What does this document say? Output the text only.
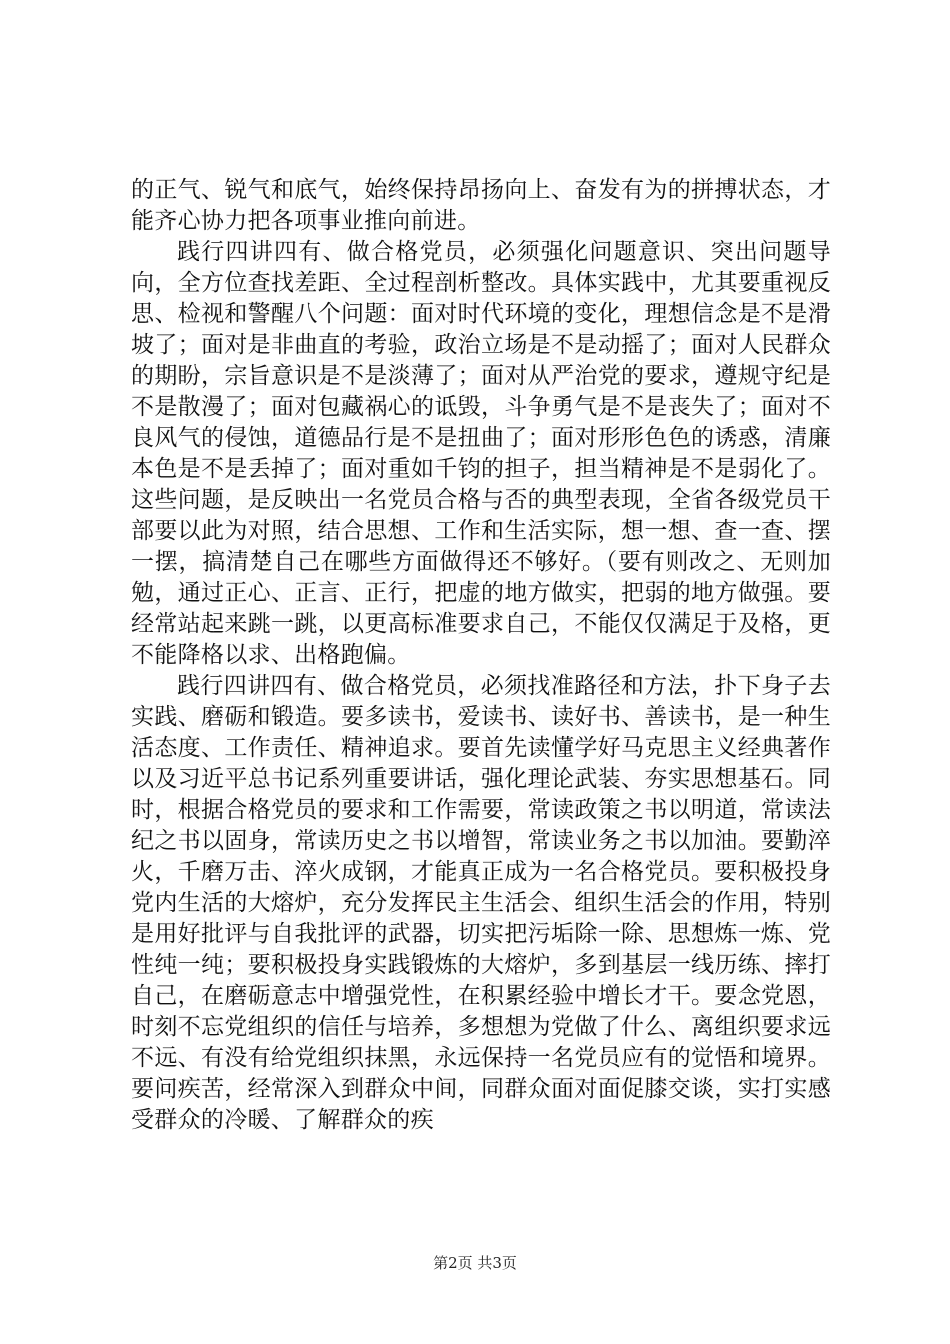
的正气、锐气和底气，始终保持昂扬向上、奋发有为的拼搏状态，才能齐心协力把各项事业推向前进。

践行四讲四有、做合格党员，必须强化问题意识、突出问题导向，全方位查找差距、全过程剖析整改。具体实践中，尤其要重视反思、检视和警醒八个问题：面对时代环境的变化，理想信念是不是滑坡了；面对是非曲直的考验，政治立场是不是动摇了；面对人民群众的期盼，宗旨意识是不是淡薄了；面对从严治党的要求，遵规守纪是不是散漫了；面对包藏祸心的诋毁，斗争勇气是不是丧失了；面对不良风气的侵蚀，道德品行是不是扭曲了；面对形形色色的诱惑，清廉本色是不是丢掉了；面对重如千钧的担子，担当精神是不是弱化了。这些问题，是反映出一名党员合格与否的典型表现，全省各级党员干部要以此为对照，结合思想、工作和生活实际，想一想、查一查、摆一摆，搞清楚自己在哪些方面做得还不够好。（要有则改之、无则加勉，通过正心、正言、正行，把虚的地方做实，把弱的地方做强。要经常站起来跳一跳，以更高标准要求自己，不能仅仅满足于及格，更不能降格以求、出格跑偏。

践行四讲四有、做合格党员，必须找准路径和方法，扑下身子去实践、磨砺和锻造。要多读书，爱读书、读好书、善读书，是一种生活态度、工作责任、精神追求。要首先读懂学好马克思主义经典著作以及习近平总书记系列重要讲话，强化理论武装、夯实思想基石。同时，根据合格党员的要求和工作需要，常读政策之书以明道，常读法纪之书以固身，常读历史之书以增智，常读业务之书以加油。要勤淬火，千磨万击、淬火成钢，才能真正成为一名合格党员。要积极投身党内生活的大熔炉，充分发挥民主生活会、组织生活会的作用，特别是用好批评与自我批评的武器，切实把污垢除一除、思想炼一炼、党性纯一纯；要积极投身实践锻炼的大熔炉，多到基层一线历练、摔打自己，在磨砺意志中增强党性，在积累经验中增长才干。要念党恩，时刻不忘党组织的信任与培养，多想想为党做了什么、离组织要求远不远、有没有给党组织抹黑，永远保持一名党员应有的觉悟和境界。要问疾苦，经常深入到群众中间，同群众面对面促膝交谈，实打实感受群众的冷暖、了解群众的疾

第2页 共3页
